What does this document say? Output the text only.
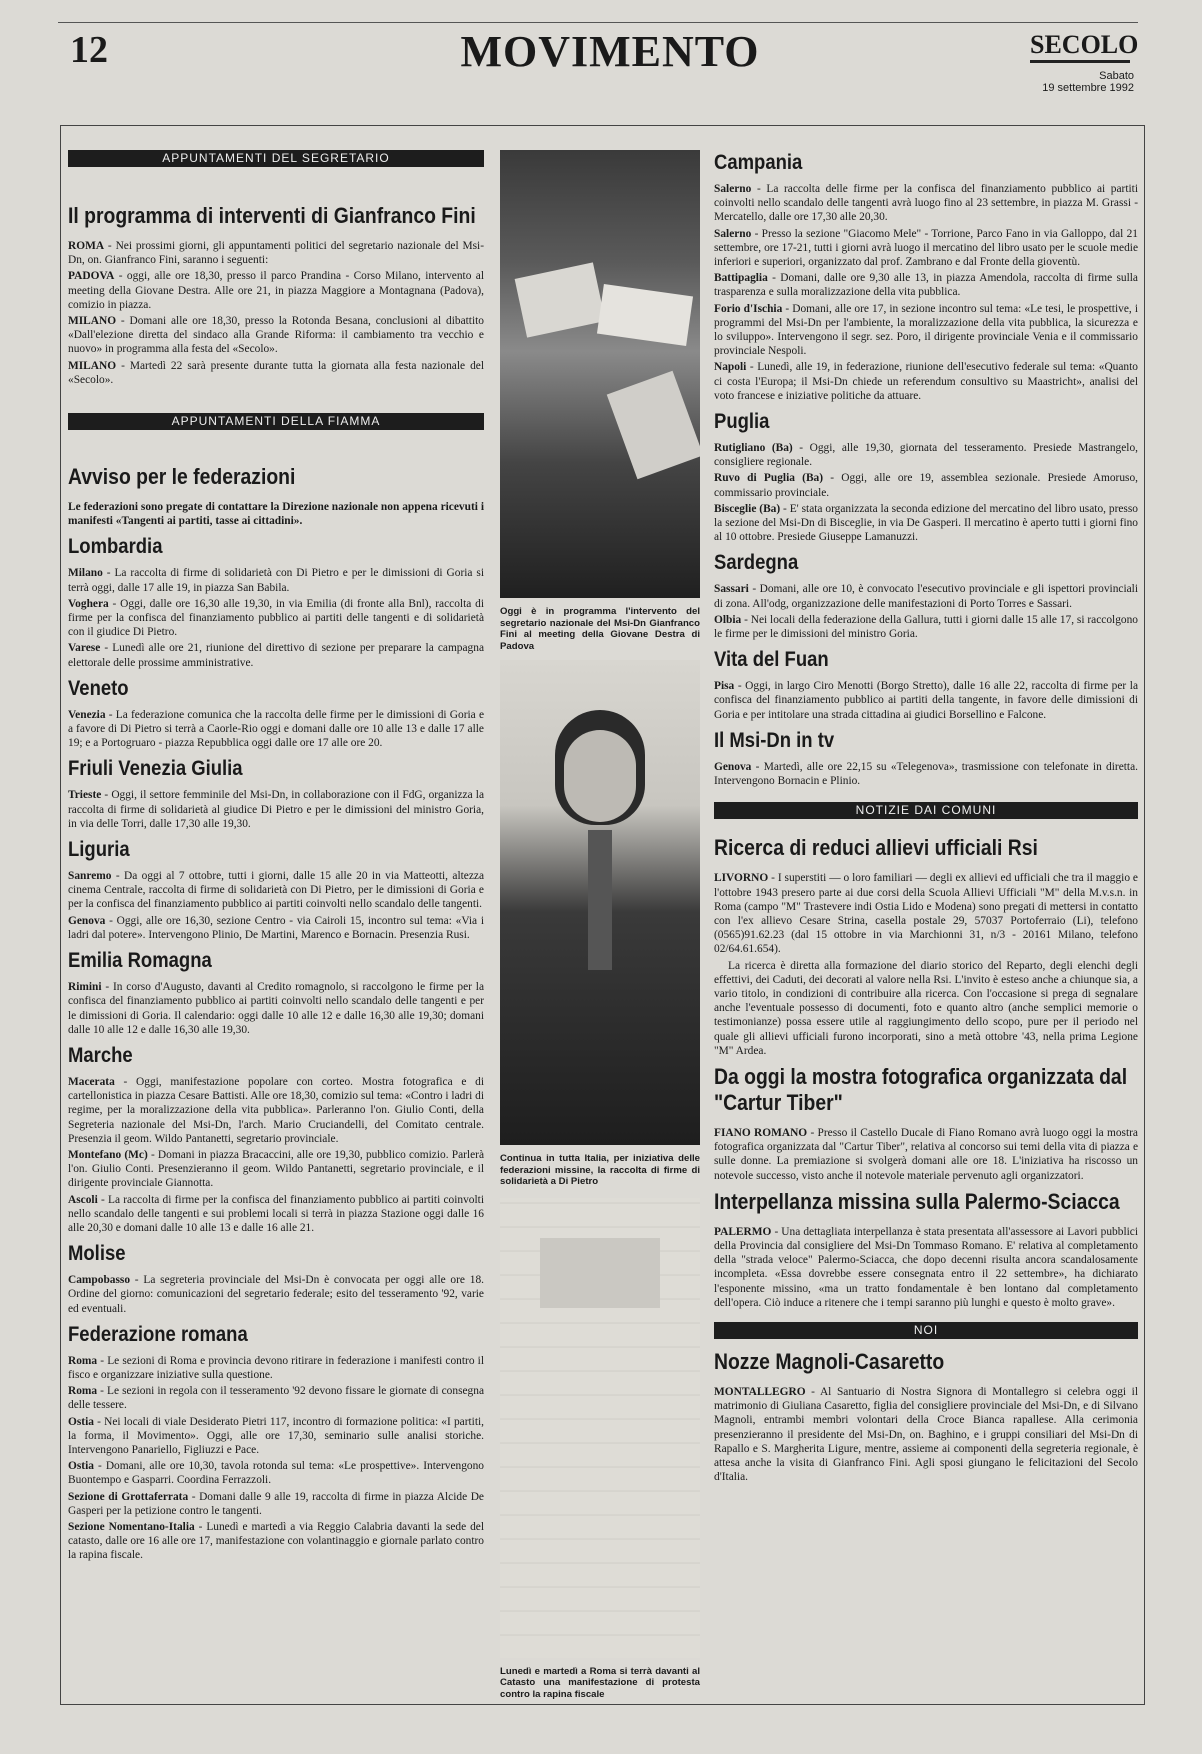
12	MOVIMENTO	SECOLO
Sabato
19 settembre 1992
APPUNTAMENTI DEL SEGRETARIO
Il programma di interventi di Gianfranco Fini

ROMA - Nei prossimi giorni, gli appuntamenti politici del segretario nazionale del Msi-Dn, on. Gianfranco Fini, saranno i seguenti:

PADOVA - oggi, alle ore 18,30, presso il parco Prandina - Corso Milano, intervento al meeting della Giovane Destra. Alle ore 21, in piazza Maggiore a Montagnana (Padova), comizio in piazza.

MILANO - Domani alle ore 18,30, presso la Rotonda Besana, conclusioni al dibattito «Dall'elezione diretta del sindaco alla Grande Riforma: il cambiamento tra vecchio e nuovo» in programma alla festa del «Secolo».

MILANO - Martedì 22 sarà presente durante tutta la giornata alla festa nazionale del «Secolo».

APPUNTAMENTI DELLA FIAMMA
Avviso per le federazioni

Le federazioni sono pregate di contattare la Direzione nazionale non appena ricevuti i manifesti «Tangenti ai partiti, tasse ai cittadini».

Lombardia

Milano - La raccolta di firme di solidarietà con Di Pietro e per le dimissioni di Goria si terrà oggi, dalle 17 alle 19, in piazza San Babila.

Voghera - Oggi, dalle ore 16,30 alle 19,30, in via Emilia (di fronte alla Bnl), raccolta di firme per la confisca del finanziamento pubblico ai partiti delle tangenti e di solidarietà con il giudice Di Pietro.

Varese - Lunedì alle ore 21, riunione del direttivo di sezione per preparare la campagna elettorale delle prossime amministrative.

Veneto

Venezia - La federazione comunica che la raccolta delle firme per le dimissioni di Goria e a favore di Di Pietro si terrà a Caorle-Rio oggi e domani dalle ore 10 alle 13 e dalle 17 alle 19; e a Portogruaro - piazza Repubblica oggi dalle ore 17 alle ore 20.

Friuli Venezia Giulia

Trieste - Oggi, il settore femminile del Msi-Dn, in collaborazione con il FdG, organizza la raccolta di firme di solidarietà al giudice Di Pietro e per le dimissioni del ministro Goria, in via delle Torri, dalle 17,30 alle 19,30.

Liguria

Sanremo - Da oggi al 7 ottobre, tutti i giorni, dalle 15 alle 20 in via Matteotti, altezza cinema Centrale, raccolta di firme di solidarietà con Di Pietro, per le dimissioni di Goria e per la confisca del finanziamento pubblico ai partiti coinvolti nello scandalo delle tangenti.

Genova - Oggi, alle ore 16,30, sezione Centro - via Cairoli 15, incontro sul tema: «Via i ladri dal potere». Intervengono Plinio, De Martini, Marenco e Bornacin. Presenzia Rusi.

Emilia Romagna

Rimini - In corso d'Augusto, davanti al Credito romagnolo, si raccolgono le firme per la confisca del finanziamento pubblico ai partiti coinvolti nello scandalo delle tangenti e per le dimissioni di Goria. Il calendario: oggi dalle 10 alle 12 e dalle 16,30 alle 19,30; domani dalle 10 alle 12 e dalle 16,30 alle 19,30.

Marche

Macerata - Oggi, manifestazione popolare con corteo. Mostra fotografica e di cartellonistica in piazza Cesare Battisti. Alle ore 18,30, comizio sul tema: «Contro i ladri di regime, per la moralizzazione della vita pubblica». Parleranno l'on. Giulio Conti, della Segreteria nazionale del Msi-Dn, l'arch. Mario Cruciandelli, del Comitato centrale. Presenzia il geom. Wildo Pantanetti, segretario provinciale.

Montefano (Mc) - Domani in piazza Bracaccini, alle ore 19,30, pubblico comizio. Parlerà l'on. Giulio Conti. Presenzieranno il geom. Wildo Pantanetti, segretario provinciale, e il dirigente provinciale Giannotta.

Ascoli - La raccolta di firme per la confisca del finanziamento pubblico ai partiti coinvolti nello scandalo delle tangenti e sui problemi locali si terrà in piazza Stazione oggi dalle 16 alle 20,30 e domani dalle 10 alle 13 e dalle 16 alle 21.

Molise

Campobasso - La segreteria provinciale del Msi-Dn è convocata per oggi alle ore 18. Ordine del giorno: comunicazioni del segretario federale; esito del tesseramento '92, varie ed eventuali.

Federazione romana

Roma - Le sezioni di Roma e provincia devono ritirare in federazione i manifesti contro il fisco e organizzare iniziative sulla questione.

Roma - Le sezioni in regola con il tesseramento '92 devono fissare le giornate di consegna delle tessere.

Ostia - Nei locali di viale Desiderato Pietri 117, incontro di formazione politica: «I partiti, la forma, il Movimento». Oggi, alle ore 17,30, seminario sulle analisi storiche. Intervengono Panariello, Figliuzzi e Pace.

Ostia - Domani, alle ore 10,30, tavola rotonda sul tema: «Le prospettive». Intervengono Buontempo e Gasparri. Coordina Ferrazzoli.

Sezione di Grottaferrata - Domani dalle 9 alle 19, raccolta di firme in piazza Alcide De Gasperi per la petizione contro le tangenti.

Sezione Nomentano-Italia - Lunedì e martedì a via Reggio Calabria davanti la sede del catasto, dalle ore 16 alle ore 17, manifestazione con volantinaggio e giornale parlato contro la rapina fiscale.

Oggi è in programma l'intervento del segretario nazionale del Msi-Dn Gianfranco Fini al meeting della Giovane Destra di Padova
Continua in tutta Italia, per iniziativa delle federazioni missine, la raccolta di firme di solidarietà a Di Pietro
Lunedì e martedì a Roma si terrà davanti al Catasto una manifestazione di protesta contro la rapina fiscale
Campania

Salerno - La raccolta delle firme per la confisca del finanziamento pubblico ai partiti coinvolti nello scandalo delle tangenti avrà luogo fino al 23 settembre, in piazza M. Grassi - Mercatello, dalle ore 17,30 alle 20,30.

Salerno - Presso la sezione "Giacomo Mele" - Torrione, Parco Fano in via Galloppo, dal 21 settembre, ore 17-21, tutti i giorni avrà luogo il mercatino del libro usato per le scuole medie inferiori e superiori, organizzato dal prof. Zambrano e dal Fronte della gioventù.

Battipaglia - Domani, dalle ore 9,30 alle 13, in piazza Amendola, raccolta di firme sulla trasparenza e sulla moralizzazione della vita pubblica.

Forio d'Ischia - Domani, alle ore 17, in sezione incontro sul tema: «Le tesi, le prospettive, i programmi del Msi-Dn per l'ambiente, la moralizzazione della vita pubblica, la sicurezza e lo sviluppo». Intervengono il segr. sez. Poro, il dirigente provinciale Venia e il commissario provinciale Nespoli.

Napoli - Lunedì, alle 19, in federazione, riunione dell'esecutivo federale sul tema: «Quanto ci costa l'Europa; il Msi-Dn chiede un referendum consultivo su Maastricht», analisi del voto francese e iniziative politiche da attuare.

Puglia

Rutigliano (Ba) - Oggi, alle 19,30, giornata del tesseramento. Presiede Mastrangelo, consigliere regionale.

Ruvo di Puglia (Ba) - Oggi, alle ore 19, assemblea sezionale. Presiede Amoruso, commissario provinciale.

Bisceglie (Ba) - E' stata organizzata la seconda edizione del mercatino del libro usato, presso la sezione del Msi-Dn di Bisceglie, in via De Gasperi. Il mercatino è aperto tutti i giorni fino al 10 ottobre. Presiede Giuseppe Lamanuzzi.

Sardegna

Sassari - Domani, alle ore 10, è convocato l'esecutivo provinciale e gli ispettori provinciali di zona. All'odg, organizzazione delle manifestazioni di Porto Torres e Sassari.

Olbia - Nei locali della federazione della Gallura, tutti i giorni dalle 15 alle 17, si raccolgono le firme per le dimissioni del ministro Goria.

Vita del Fuan

Pisa - Oggi, in largo Ciro Menotti (Borgo Stretto), dalle 16 alle 22, raccolta di firme per la confisca del finanziamento pubblico ai partiti della tangente, in favore delle dimissioni di Goria e per intitolare una strada cittadina ai giudici Borsellino e Falcone.

Il Msi-Dn in tv

Genova - Martedì, alle ore 22,15 su «Telegenova», trasmissione con telefonate in diretta. Intervengono Bornacin e Plinio.

NOTIZIE DAI COMUNI
Ricerca di reduci allievi ufficiali Rsi

LIVORNO - I superstiti — o loro familiari — degli ex allievi ed ufficiali che tra il maggio e l'ottobre 1943 presero parte ai due corsi della Scuola Allievi Ufficiali "M" della M.v.s.n. in Roma (campo "M" Trastevere indi Ostia Lido e Modena) sono pregati di mettersi in contatto con l'ex allievo Cesare Strina, casella postale 29, 57037 Portoferraio (Li), telefono (0565)91.62.23 (dal 15 ottobre in via Marchionni 31, n/3 - 20161 Milano, telefono 02/64.61.654).

La ricerca è diretta alla formazione del diario storico del Reparto, degli elenchi degli effettivi, dei Caduti, dei decorati al valore nella Rsi. L'invito è esteso anche a chiunque sia, a vario titolo, in condizioni di contribuire alla ricerca. Con l'occasione si prega di segnalare anche l'eventuale possesso di documenti, foto e quanto altro (anche semplici memorie o testimonianze) possa essere utile al raggiungimento dello scopo, pure per il periodo nel quale gli allievi ufficiali furono incorporati, sino a metà ottobre '43, nella prima Legione "M" Ardea.

Da oggi la mostra fotografica organizzata dal "Cartur Tiber"

FIANO ROMANO - Presso il Castello Ducale di Fiano Romano avrà luogo oggi la mostra fotografica organizzata dal "Cartur Tiber", relativa al concorso sui temi della vita di piazza e sulle donne. La premiazione si svolgerà domani alle ore 18. L'iniziativa ha riscosso un notevole successo, visto anche il notevole materiale pervenuto agli organizzatori.

Interpellanza missina sulla Palermo-Sciacca

PALERMO - Una dettagliata interpellanza è stata presentata all'assessore ai Lavori pubblici della Provincia dal consigliere del Msi-Dn Tommaso Romano. E' relativa al completamento della "strada veloce" Palermo-Sciacca, che dopo decenni risulta ancora scandalosamente incompleta. «Essa dovrebbe essere consegnata entro il 22 settembre», ha dichiarato l'esponente missino, «ma un tratto fondamentale è ben lontano dal completamento dell'opera. Ciò induce a ritenere che i tempi saranno più lunghi e questo è molto grave».

NOI
Nozze Magnoli-Casaretto

MONTALLEGRO - Al Santuario di Nostra Signora di Montallegro si celebra oggi il matrimonio di Giuliana Casaretto, figlia del consigliere provinciale del Msi-Dn, e di Silvano Magnoli, entrambi membri volontari della Croce Bianca rapallese. Alla cerimonia presenzieranno il presidente del Msi-Dn, on. Baghino, e i gruppi consiliari del Msi-Dn di Rapallo e S. Margherita Ligure, mentre, assieme ai componenti della segreteria regionale, è attesa anche la visita di Gianfranco Fini. Agli sposi giungano le felicitazioni del Secolo d'Italia.
